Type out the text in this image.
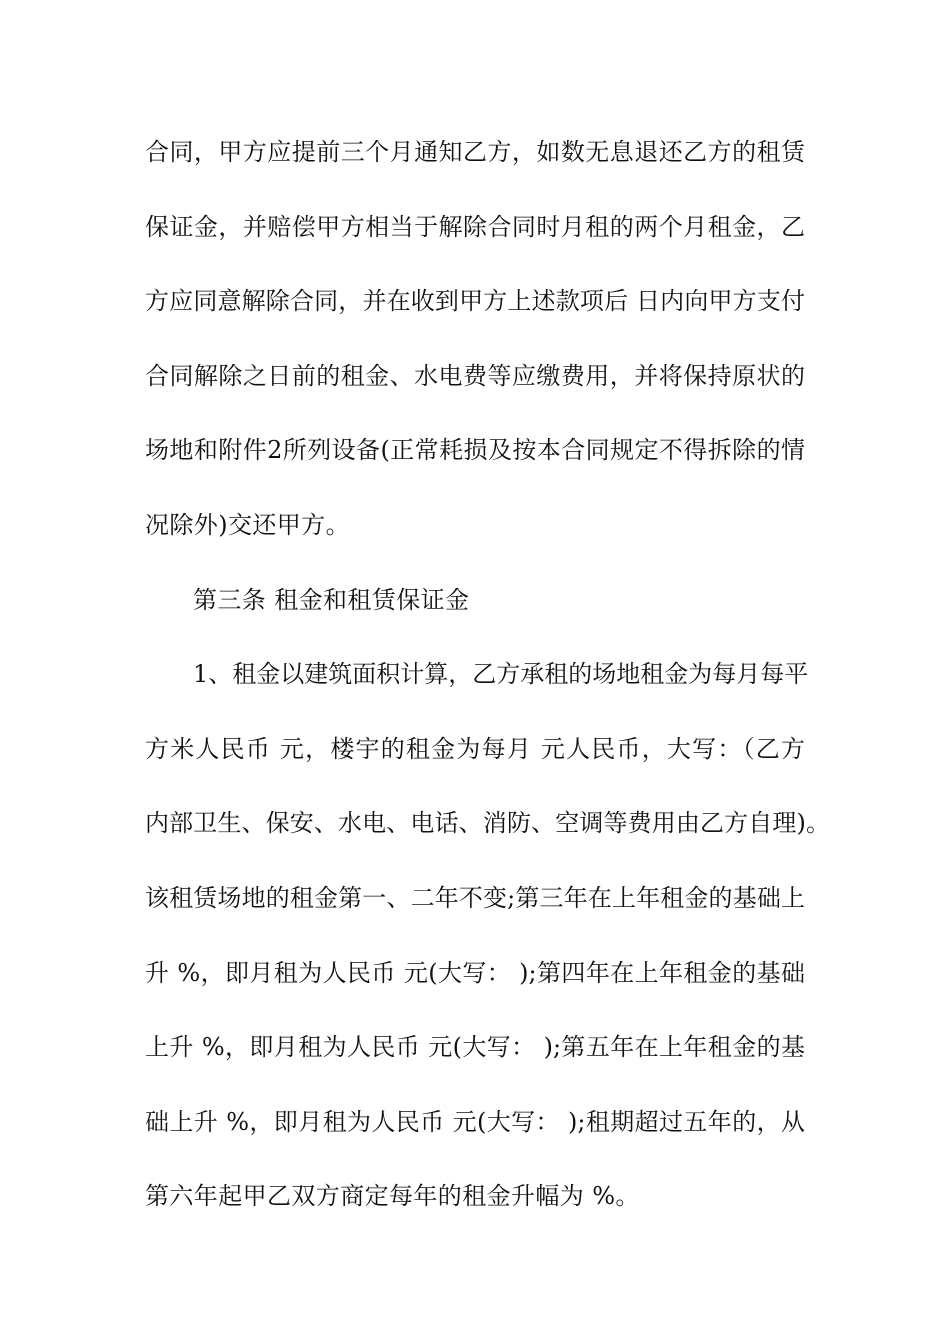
合同，甲方应提前三个月通知乙方，如数无息退还乙方的租赁
保证金，并赔偿甲方相当于解除合同时月租的两个月租金，乙
方应同意解除合同，并在收到甲方上述款项后 日内向甲方支付
合同解除之日前的租金、水电费等应缴费用，并将保持原状的
场地和附件2所列设备(正常耗损及按本合同规定不得拆除的情
况除外)交还甲方。
第三条 租金和租赁保证金
1、租金以建筑面积计算，乙方承租的场地租金为每月每平
方米人民币 元，楼宇的租金为每月 元人民币，大写：（乙方
内部卫生、保安、水电、电话、消防、空调等费用由乙方自理)。
该租赁场地的租金第一、二年不变;第三年在上年租金的基础上
升 %，即月租为人民币 元(大写： );第四年在上年租金的基础
上升 %，即月租为人民币 元(大写： );第五年在上年租金的基
础上升 %，即月租为人民币 元(大写： );租期超过五年的，从
第六年起甲乙双方商定每年的租金升幅为 %。
